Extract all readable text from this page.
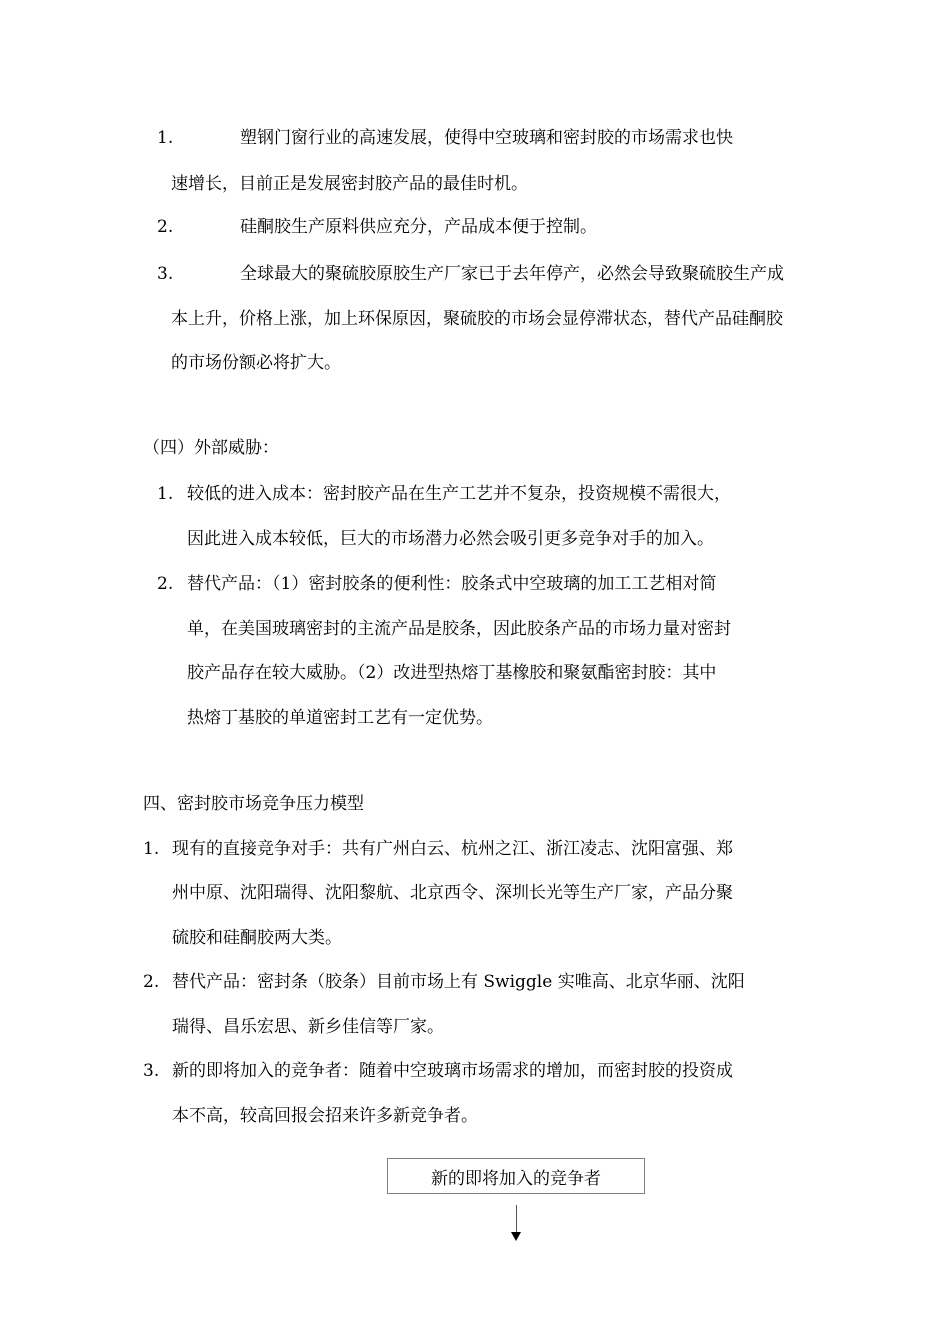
1.	塑钢门窗行业的高速发展，使得中空玻璃和密封胶的市场需求也快
速增长，目前正是发展密封胶产品的最佳时机。
2.	硅酮胶生产原料供应充分，产品成本便于控制。
3.	全球最大的聚硫胶原胶生产厂家已于去年停产，必然会导致聚硫胶生产成
本上升，价格上涨，加上环保原因，聚硫胶的市场会显停滞状态，替代产品硅酮胶
的市场份额必将扩大。
（四）外部威胁：
1. 较低的进入成本：密封胶产品在生产工艺并不复杂，投资规模不需很大，
因此进入成本较低，巨大的市场潜力必然会吸引更多竞争对手的加入。
2. 替代产品：（1）密封胶条的便利性：胶条式中空玻璃的加工工艺相对简
单，在美国玻璃密封的主流产品是胶条，因此胶条产品的市场力量对密封
胶产品存在较大威胁。（2）改进型热熔丁基橡胶和聚氨酯密封胶：其中
热熔丁基胶的单道密封工艺有一定优势。
四、密封胶市场竞争压力模型
1. 现有的直接竞争对手：共有广州白云、杭州之江、浙江凌志、沈阳富强、郑
州中原、沈阳瑞得、沈阳黎航、北京西令、深圳长光等生产厂家，产品分聚
硫胶和硅酮胶两大类。
2. 替代产品：密封条（胶条）目前市场上有 Swiggle 实唯高、北京华丽、沈阳
瑞得、昌乐宏思、新乡佳信等厂家。
3. 新的即将加入的竞争者：随着中空玻璃市场需求的增加，而密封胶的投资成
本不高，较高回报会招来许多新竞争者。
新的即将加入的竞争者
